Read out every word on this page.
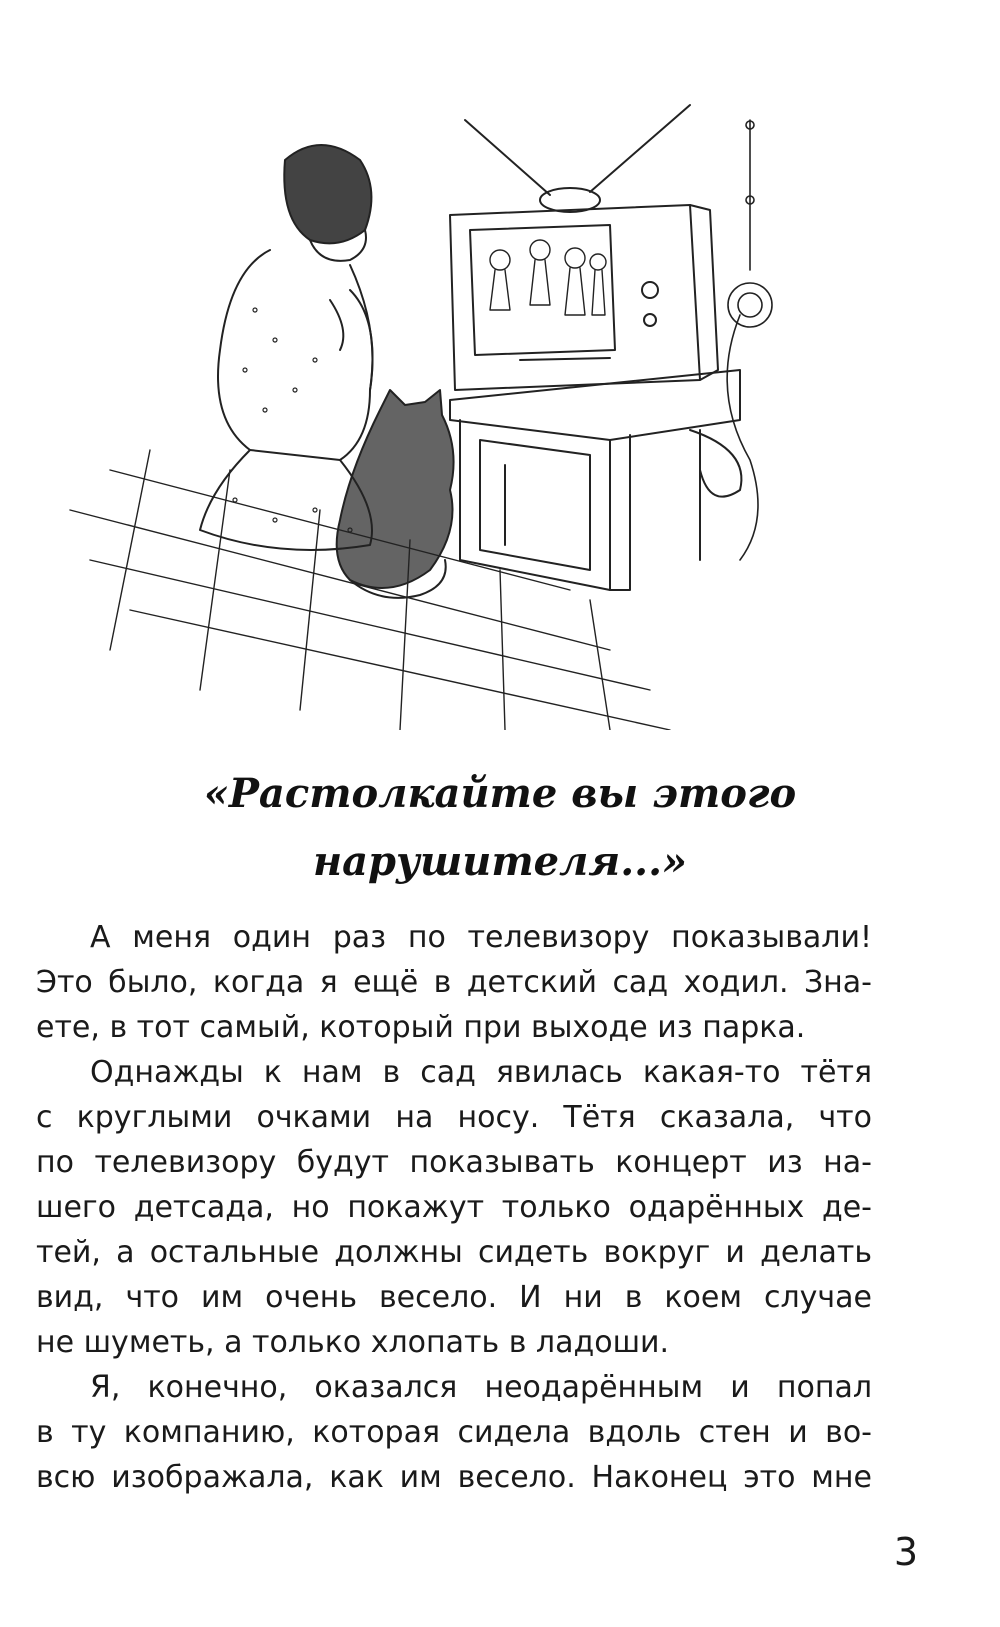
«Растолкайте вы этого
нарушителя...»

А меня один раз по телевизору показывали!
Это было, когда я ещё в детский сад ходил. Зна-
ете, в тот самый, который при выходе из парка.

Однажды к нам в сад явилась какая-то тётя
с круглыми очками на носу. Тётя сказала, что
по телевизору будут показывать концерт из на-
шего детсада, но покажут только одарённых де-
тей, а остальные должны сидеть вокруг и делать
вид, что им очень весело. И ни в коем случае
не шуметь, а только хлопать в ладоши.

Я, конечно, оказался неодарённым и попал
в ту компанию, которая сидела вдоль стен и во-
всю изображала, как им весело. Наконец это мне

3
